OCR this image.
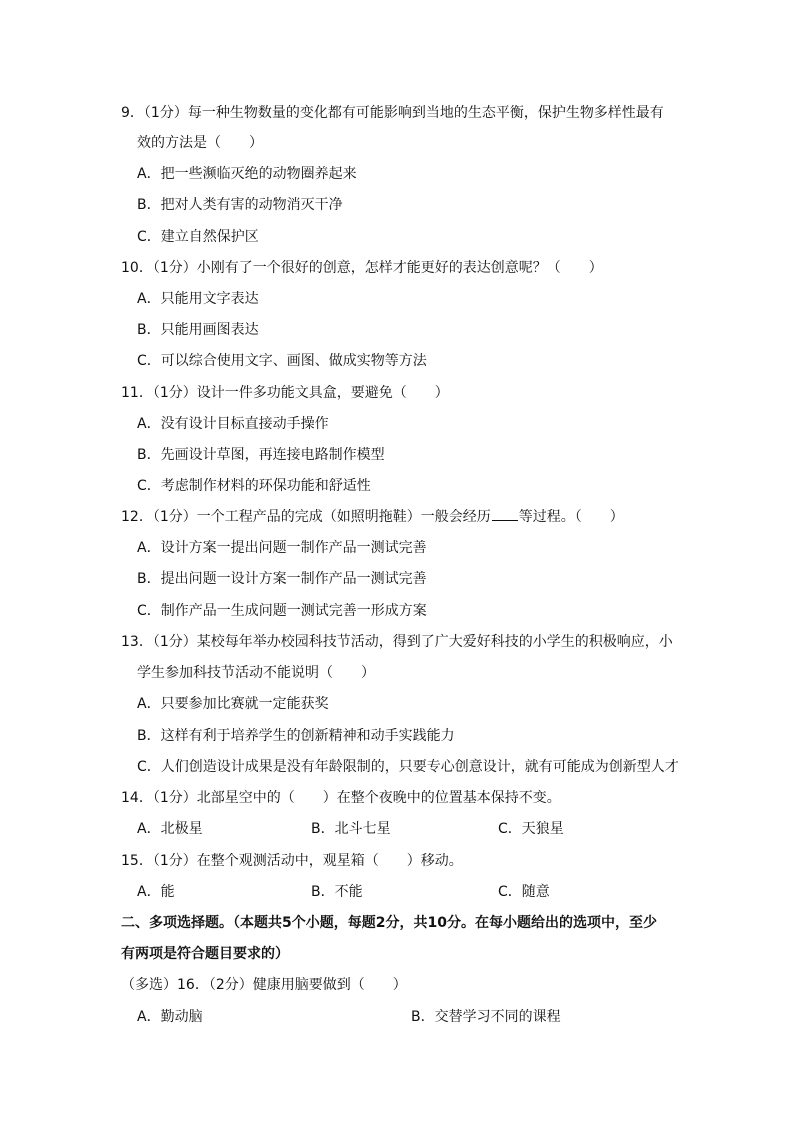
9．（1分）每一种生物数量的变化都有可能影响到当地的生态平衡，保护生物多样性最有
效的方法是（　　）
A．把一些濒临灭绝的动物圈养起来
B．把对人类有害的动物消灭干净
C．建立自然保护区
10．（1分）小刚有了一个很好的创意，怎样才能更好的表达创意呢？（　　）
A．只能用文字表达
B．只能用画图表达
C．可以综合使用文字、画图、做成实物等方法
11．（1分）设计一件多功能文具盒，要避免（　　）
A．没有设计目标直接动手操作
B．先画设计草图，再连接电路制作模型
C．考虑制作材料的环保功能和舒适性
12．（1分）一个工程产品的完成（如照明拖鞋）一般会经历 等过程。（　　）
A．设计方案一提出问题一制作产品一测试完善
B．提出问题一设计方案一制作产品一测试完善
C．制作产品一生成问题一测试完善一形成方案
13．（1分）某校每年举办校园科技节活动，得到了广大爱好科技的小学生的积极响应，小
学生参加科技节活动不能说明（　　）
A．只要参加比赛就一定能获奖
B．这样有利于培养学生的创新精神和动手实践能力
C．人们创造设计成果是没有年龄限制的，只要专心创意设计，就有可能成为创新型人才
14．（1分）北部星空中的（　　）在整个夜晚中的位置基本保持不变。
A．北极星	B．北斗七星	C．天狼星
15．（1分）在整个观测活动中，观星箱（　　）移动。
A．能	B．不能	C．随意
二、多项选择题。（本题共5个小题，每题2分，共10分。在每小题给出的选项中，至少
有两项是符合题目要求的）
（多选）16．（2分）健康用脑要做到（　　）
A．勤动脑	B．交替学习不同的课程
